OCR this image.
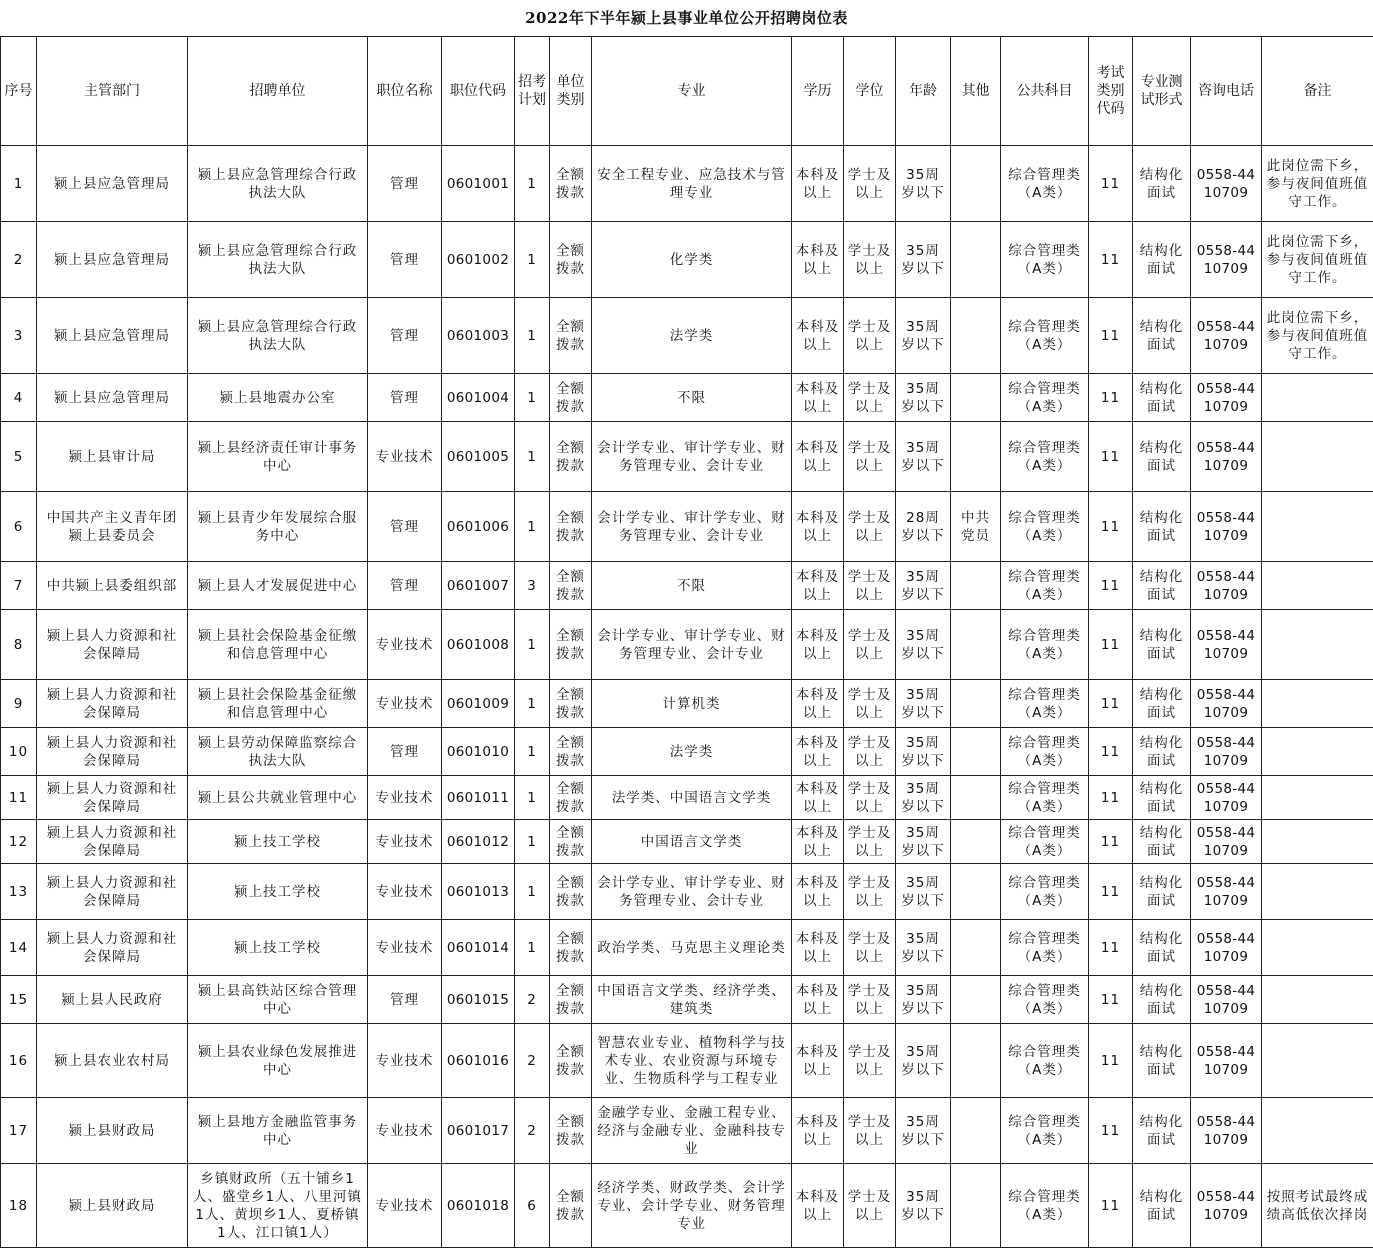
2022年下半年颍上县事业单位公开招聘岗位表
序号	主管部门	招聘单位	职位名称	职位代码	招考计划	单位类别	专业	学历	学位	年龄	其他	公共科目	考试类别代码	专业测试形式	咨询电话	备注
1	颍上县应急管理局	颍上县应急管理综合行政执法大队	管理	0601001	1	全额拨款	安全工程专业、应急技术与管理专业	本科及以上	学士及以上	35周岁以下		综合管理类（A类）	11	结构化面试	0558-4410709	此岗位需下乡，参与夜间值班值守工作。
2	颍上县应急管理局	颍上县应急管理综合行政执法大队	管理	0601002	1	全额拨款	化学类	本科及以上	学士及以上	35周岁以下		综合管理类（A类）	11	结构化面试	0558-4410709	此岗位需下乡，参与夜间值班值守工作。
3	颍上县应急管理局	颍上县应急管理综合行政执法大队	管理	0601003	1	全额拨款	法学类	本科及以上	学士及以上	35周岁以下		综合管理类（A类）	11	结构化面试	0558-4410709	此岗位需下乡，参与夜间值班值守工作。
4	颍上县应急管理局	颍上县地震办公室	管理	0601004	1	全额拨款	不限	本科及以上	学士及以上	35周岁以下		综合管理类（A类）	11	结构化面试	0558-4410709	
5	颍上县审计局	颍上县经济责任审计事务中心	专业技术	0601005	1	全额拨款	会计学专业、审计学专业、财务管理专业、会计专业	本科及以上	学士及以上	35周岁以下		综合管理类（A类）	11	结构化面试	0558-4410709	
6	中国共产主义青年团颍上县委员会	颍上县青少年发展综合服务中心	管理	0601006	1	全额拨款	会计学专业、审计学专业、财务管理专业、会计专业	本科及以上	学士及以上	28周岁以下	中共党员	综合管理类（A类）	11	结构化面试	0558-4410709	
7	中共颍上县委组织部	颍上县人才发展促进中心	管理	0601007	3	全额拨款	不限	本科及以上	学士及以上	35周岁以下		综合管理类（A类）	11	结构化面试	0558-4410709	
8	颍上县人力资源和社会保障局	颍上县社会保险基金征缴和信息管理中心	专业技术	0601008	1	全额拨款	会计学专业、审计学专业、财务管理专业、会计专业	本科及以上	学士及以上	35周岁以下		综合管理类（A类）	11	结构化面试	0558-4410709	
9	颍上县人力资源和社会保障局	颍上县社会保险基金征缴和信息管理中心	专业技术	0601009	1	全额拨款	计算机类	本科及以上	学士及以上	35周岁以下		综合管理类（A类）	11	结构化面试	0558-4410709	
10	颍上县人力资源和社会保障局	颍上县劳动保障监察综合执法大队	管理	0601010	1	全额拨款	法学类	本科及以上	学士及以上	35周岁以下		综合管理类（A类）	11	结构化面试	0558-4410709	
11	颍上县人力资源和社会保障局	颍上县公共就业管理中心	专业技术	0601011	1	全额拨款	法学类、中国语言文学类	本科及以上	学士及以上	35周岁以下		综合管理类（A类）	11	结构化面试	0558-4410709	
12	颍上县人力资源和社会保障局	颍上技工学校	专业技术	0601012	1	全额拨款	中国语言文学类	本科及以上	学士及以上	35周岁以下		综合管理类（A类）	11	结构化面试	0558-4410709	
13	颍上县人力资源和社会保障局	颍上技工学校	专业技术	0601013	1	全额拨款	会计学专业、审计学专业、财务管理专业、会计专业	本科及以上	学士及以上	35周岁以下		综合管理类（A类）	11	结构化面试	0558-4410709	
14	颍上县人力资源和社会保障局	颍上技工学校	专业技术	0601014	1	全额拨款	政治学类、马克思主义理论类	本科及以上	学士及以上	35周岁以下		综合管理类（A类）	11	结构化面试	0558-4410709	
15	颍上县人民政府	颍上县高铁站区综合管理中心	管理	0601015	2	全额拨款	中国语言文学类、经济学类、建筑类	本科及以上	学士及以上	35周岁以下		综合管理类（A类）	11	结构化面试	0558-4410709	
16	颍上县农业农村局	颍上县农业绿色发展推进中心	专业技术	0601016	2	全额拨款	智慧农业专业、植物科学与技术专业、农业资源与环境专业、生物质科学与工程专业	本科及以上	学士及以上	35周岁以下		综合管理类（A类）	11	结构化面试	0558-4410709	
17	颍上县财政局	颍上县地方金融监管事务中心	专业技术	0601017	2	全额拨款	金融学专业、金融工程专业、经济与金融专业、金融科技专业	本科及以上	学士及以上	35周岁以下		综合管理类（A类）	11	结构化面试	0558-4410709	
18	颍上县财政局	乡镇财政所（五十铺乡1人、盛堂乡1人、八里河镇1人、黄坝乡1人、夏桥镇1人、江口镇1人）	专业技术	0601018	6	全额拨款	经济学类、财政学类、会计学专业、会计学专业、财务管理专业	本科及以上	学士及以上	35周岁以下		综合管理类（A类）	11	结构化面试	0558-4410709	按照考试最终成绩高低依次择岗
